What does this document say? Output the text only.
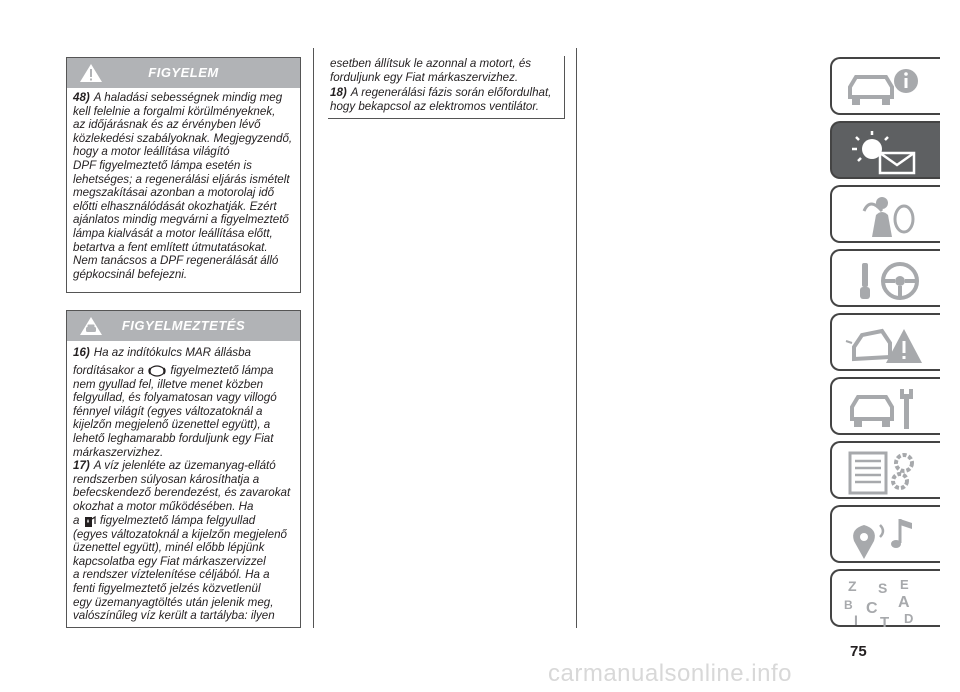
FIGYELEM

48) A haladási sebességnek mindig meg

kell felelnie a forgalmi körülményeknek,

az időjárásnak és az érvényben lévő

közlekedési szabályoknak. Megjegyzendő,

hogy a motor leállítása világító

DPF figyelmeztető lámpa esetén is

lehetséges; a regenerálási eljárás ismételt

megszakításai azonban a motorolaj idő

előtti elhasználódását okozhatják. Ezért

ajánlatos mindig megvárni a figyelmeztető

lámpa kialvását a motor leállítása előtt,

betartva a fent említett útmutatásokat.

Nem tanácsos a DPF regenerálását álló

gépkocsinál befejezni.

FIGYELMEZTETÉS

16) Ha az indítókulcs MAR állásba

fordításakor a figyelmeztető lámpa

nem gyullad fel, illetve menet közben

felgyullad, és folyamatosan vagy villogó

fénnyel világít (egyes változatoknál a

kijelzőn megjelenő üzenettel együtt), a

lehető leghamarabb forduljunk egy Fiat

márkaszervizhez.

17) A víz jelenléte az üzemanyag-ellátó

rendszerben súlyosan károsíthatja a

befecskendező berendezést, és zavarokat

okozhat a motor működésében. Ha

a figyelmeztető lámpa felgyullad

(egyes változatoknál a kijelzőn megjelenő

üzenettel együtt), minél előbb lépjünk

kapcsolatba egy Fiat márkaszervizzel

a rendszer víztelenítése céljából. Ha a

fenti figyelmeztető jelzés közvetlenül

egy üzemanyagtöltés után jelenik meg,

valószínűleg víz került a tartályba: ilyen

esetben állítsuk le azonnal a motort, és

forduljunk egy Fiat márkaszervizhez.

18) A regenerálási fázis során előfordulhat,

hogy bekapcsol az elektromos ventilátor.

Z	E
S
B C A
I T D
75
carmanualsonline.info
